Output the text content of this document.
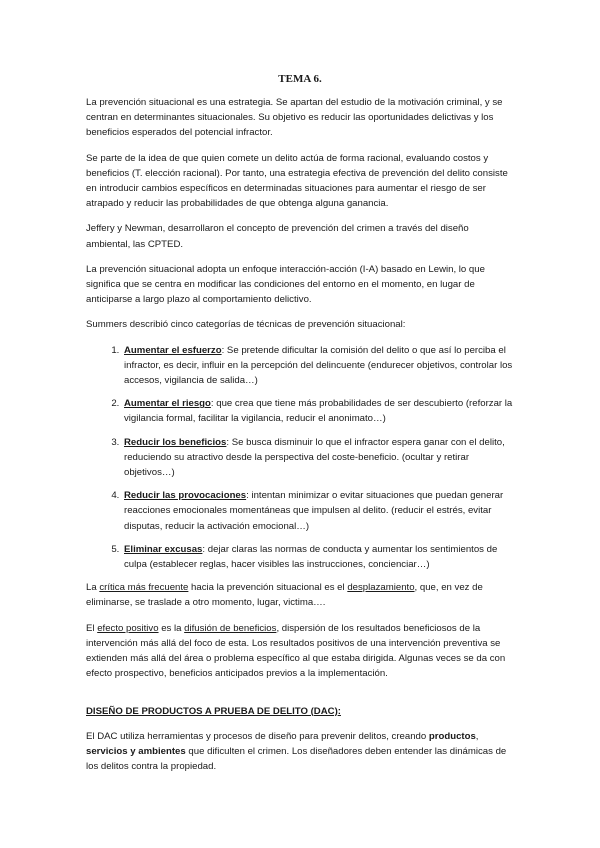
TEMA 6.

La prevención situacional es una estrategia. Se apartan del estudio de la motivación criminal, y se centran en determinantes situacionales. Su objetivo es reducir las oportunidades delictivas y los beneficios esperados del potencial infractor.

Se parte de la idea de que quien comete un delito actúa de forma racional, evaluando costos y beneficios (T. elección racional). Por tanto, una estrategia efectiva de prevención del delito consiste en introducir cambios específicos en determinadas situaciones para aumentar el riesgo de ser atrapado y reducir las probabilidades de que obtenga alguna ganancia.

Jeffery y Newman, desarrollaron el concepto de prevención del crimen a través del diseño ambiental, las CPTED.

La prevención situacional adopta un enfoque interacción-acción (I-A) basado en Lewin, lo que significa que se centra en modificar las condiciones del entorno en el momento, en lugar de anticiparse a largo plazo al comportamiento delictivo.

Summers describió cinco categorías de técnicas de prevención situacional:

1. Aumentar el esfuerzo: Se pretende dificultar la comisión del delito o que así lo perciba el infractor, es decir, influir en la percepción del delincuente (endurecer objetivos, controlar los accesos, vigilancia de salida…)
2. Aumentar el riesgo: que crea que tiene más probabilidades de ser descubierto (reforzar la vigilancia formal, facilitar la vigilancia, reducir el anonimato…)
3. Reducir los beneficios: Se busca disminuir lo que el infractor espera ganar con el delito, reduciendo su atractivo desde la perspectiva del coste-beneficio. (ocultar y retirar objetivos…)
4. Reducir las provocaciones: intentan minimizar o evitar situaciones que puedan generar reacciones emocionales momentáneas que impulsen al delito. (reducir el estrés, evitar disputas, reducir la activación emocional…)
5. Eliminar excusas: dejar claras las normas de conducta y aumentar los sentimientos de culpa (establecer reglas, hacer visibles las instrucciones, concienciar…)

La crítica más frecuente hacia la prevención situacional es el desplazamiento, que, en vez de eliminarse, se traslade a otro momento, lugar, victima….

El efecto positivo es la difusión de beneficios, dispersión de los resultados beneficiosos de la intervención más allá del foco de esta. Los resultados positivos de una intervención preventiva se extienden más allá del área o problema específico al que estaba dirigida. Algunas veces se da con efecto prospectivo, beneficios anticipados previos a la implementación.

DISEÑO DE PRODUCTOS A PRUEBA DE DELITO (DAC):

El DAC utiliza herramientas y procesos de diseño para prevenir delitos, creando productos, servicios y ambientes que dificulten el crimen. Los diseñadores deben entender las dinámicas de los delitos contra la propiedad.
